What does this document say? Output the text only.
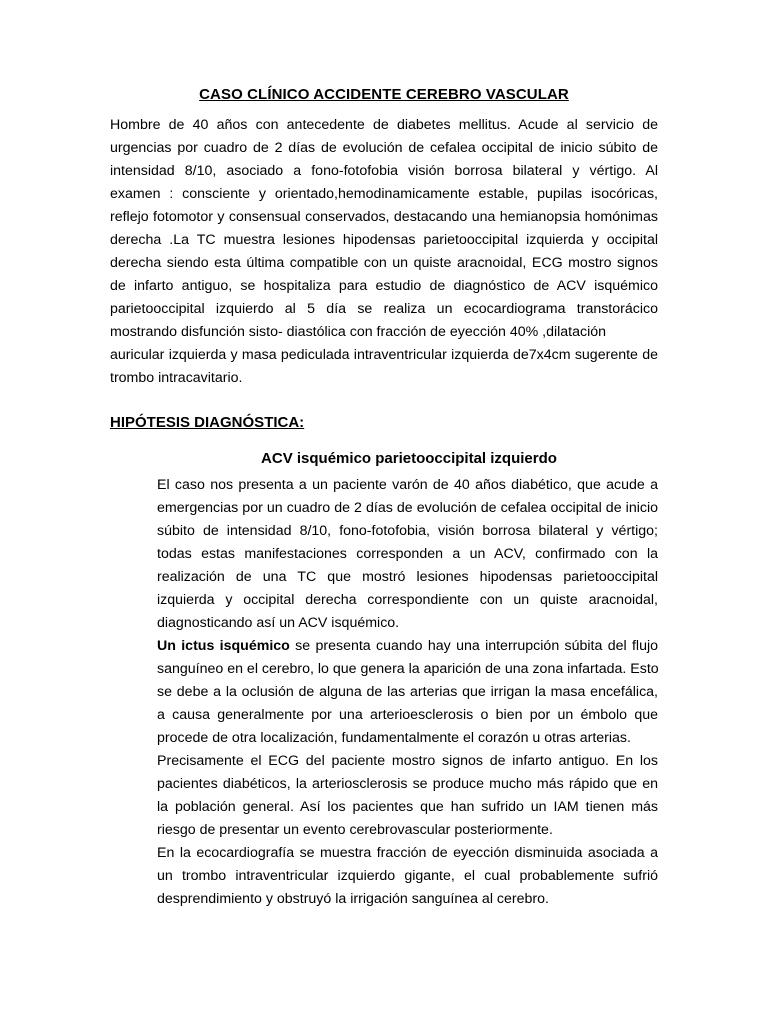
CASO CLÍNICO ACCIDENTE CEREBRO VASCULAR
Hombre de 40 años con antecedente de diabetes mellitus. Acude al servicio de
urgencias por cuadro de 2 días de evolución de cefalea occipital de inicio súbito de
intensidad 8/10, asociado a fono-fotofobia visión borrosa bilateral y vértigo. Al
examen : consciente y orientado,hemodinamicamente estable, pupilas isocóricas,
reflejo fotomotor y consensual conservados, destacando una hemianopsia homónimas
derecha .La TC muestra lesiones hipodensas parietooccipital izquierda y occipital
derecha siendo esta última compatible con un quiste aracnoidal, ECG mostro signos
de infarto antiguo, se hospitaliza para estudio de diagnóstico de ACV isquémico
parietooccipital izquierdo al 5 día se realiza un ecocardiograma transtorácico
mostrando disfunción sisto- diastólica con fracción de eyección 40% ,dilatación
auricular izquierda y masa pediculada intraventricular izquierda de7x4cm sugerente de
trombo intracavitario.
HIPÓTESIS DIAGNÓSTICA:
ACV isquémico parietooccipital izquierdo

El caso nos presenta a un paciente varón de 40 años diabético, que acude a
emergencias por un cuadro de 2 días de evolución de cefalea occipital de inicio
súbito de intensidad 8/10, fono-fotofobia, visión borrosa bilateral y vértigo;
todas estas manifestaciones corresponden a un ACV, confirmado con la
realización de una TC que mostró lesiones hipodensas parietooccipital
izquierda y occipital derecha correspondiente con un quiste aracnoidal,
diagnosticando así un ACV isquémico.

Un ictus isquémico se presenta cuando hay una interrupción súbita del flujo
sanguíneo en el cerebro, lo que genera la aparición de una zona infartada. Esto
se debe a la oclusión de alguna de las arterias que irrigan la masa encefálica,
a causa generalmente por una arterioesclerosis o bien por un émbolo que
procede de otra localización, fundamentalmente el corazón u otras arterias.

Precisamente el ECG del paciente mostro signos de infarto antiguo. En los
pacientes diabéticos, la arteriosclerosis se produce mucho más rápido que en
la población general. Así los pacientes que han sufrido un IAM tienen más
riesgo de presentar un evento cerebrovascular posteriormente.

En la ecocardiografía se muestra fracción de eyección disminuida asociada a
un trombo intraventricular izquierdo gigante, el cual probablemente sufrió
desprendimiento y obstruyó la irrigación sanguínea al cerebro.
